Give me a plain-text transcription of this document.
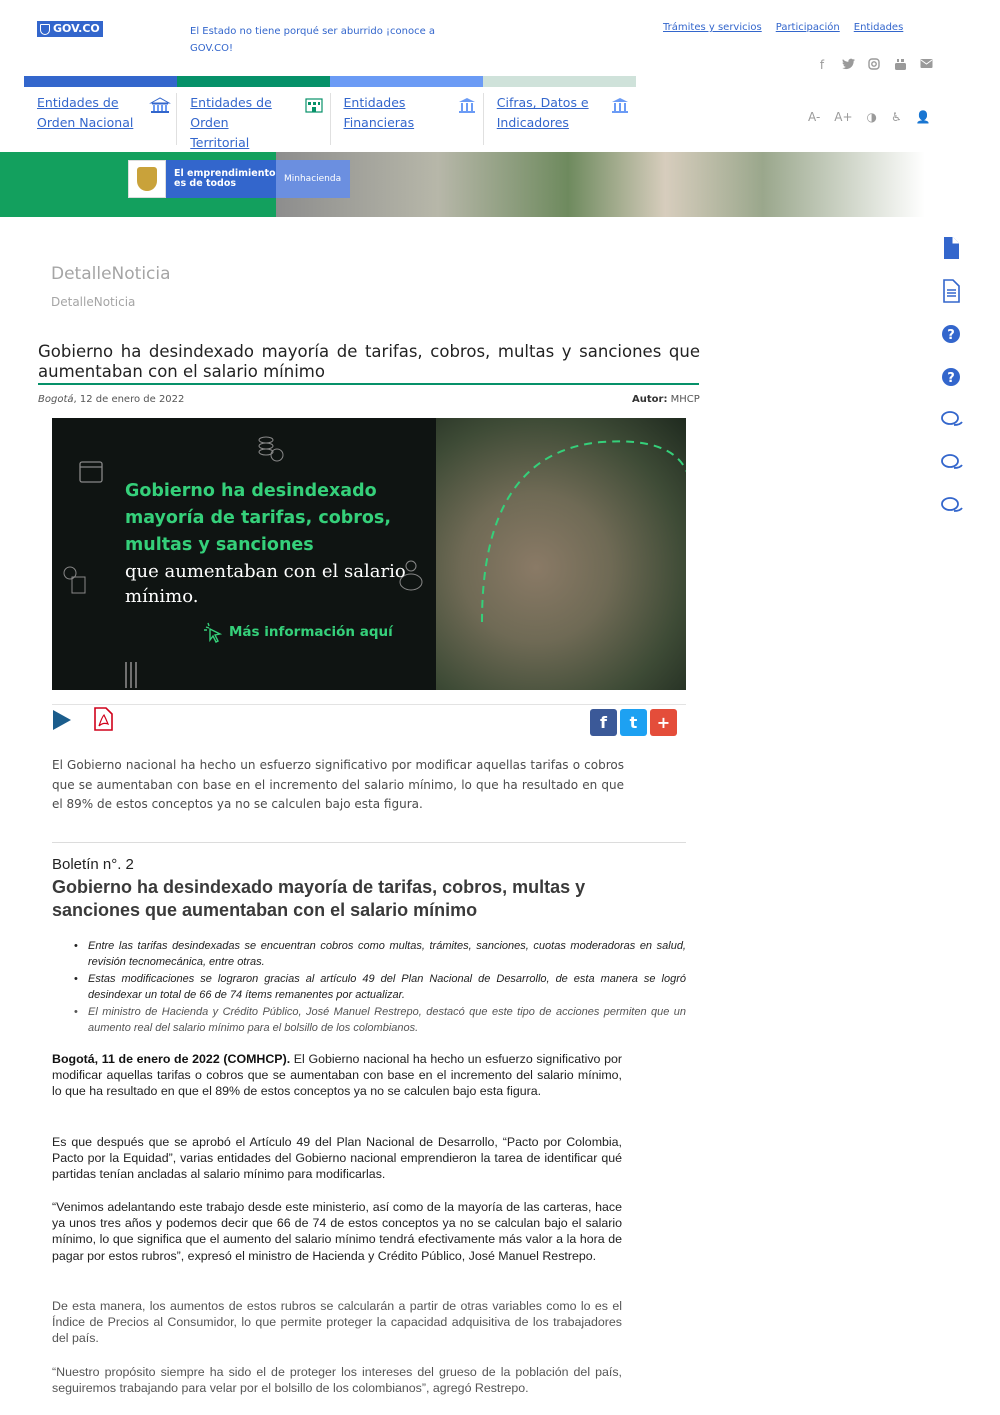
GOV.CO	El Estado no tiene porqué ser aburrido ¡conoce a GOV.CO!
Trámites y servicios Participación Entidades
f
Entidades de Orden Nacional
Entidades de Orden Territorial
Entidades Financieras
Cifras, Datos e Indicadores	A- A+ ◑ ♿ 👤
El emprendimiento es de todos	Minhacienda
?
?
DetalleNoticia
DetalleNoticia
Gobierno ha desindexado mayoría de tarifas, cobros, multas y sanciones que aumentaban con el salario mínimo
Bogotá, 12 de enero de 2022	Autor: MHCP
Gobierno ha desindexado mayoría de tarifas, cobros, multas y sanciones
que aumentaban con el salario mínimo.
Más información aquí
f	t	+
El Gobierno nacional ha hecho un esfuerzo significativo por modificar aquellas tarifas o cobros que se aumentaban con base en el incremento del salario mínimo, lo que ha resultado en que el 89% de estos conceptos ya no se calculen bajo esta figura.
Boletín n°. 2
Gobierno ha desindexado mayoría de tarifas, cobros, multas y sanciones que aumentaban con el salario mínimo
• Entre las tarifas desindexadas se encuentran cobros como multas, trámites, sanciones, cuotas moderadoras en salud, revisión tecnomecánica, entre otras.
• Estas modificaciones se lograron gracias al artículo 49 del Plan Nacional de Desarrollo, de esta manera se logró desindexar un total de 66 de 74 ítems remanentes por actualizar.
• El ministro de Hacienda y Crédito Público, José Manuel Restrepo, destacó que este tipo de acciones permiten que un aumento real del salario mínimo para el bolsillo de los colombianos.
Bogotá, 11 de enero de 2022 (COMHCP). El Gobierno nacional ha hecho un esfuerzo significativo por modificar aquellas tarifas o cobros que se aumentaban con base en el incremento del salario mínimo, lo que ha resultado en que el 89% de estos conceptos ya no se calculen bajo esta figura.
Es que después que se aprobó el Artículo 49 del Plan Nacional de Desarrollo, “Pacto por Colombia, Pacto por la Equidad”, varias entidades del Gobierno nacional emprendieron la tarea de identificar qué partidas tenían ancladas al salario mínimo para modificarlas.
“Venimos adelantando este trabajo desde este ministerio, así como de la mayoría de las carteras, hace ya unos tres años y podemos decir que 66 de 74 de estos conceptos ya no se calculan bajo el salario mínimo, lo que significa que el aumento del salario mínimo tendrá efectivamente más valor a la hora de pagar por estos rubros”, expresó el ministro de Hacienda y Crédito Público, José Manuel Restrepo.
De esta manera, los aumentos de estos rubros se calcularán a partir de otras variables como lo es el Índice de Precios al Consumidor, lo que permite proteger la capacidad adquisitiva de los trabajadores del país.
“Nuestro propósito siempre ha sido el de proteger los intereses del grueso de la población del país, seguiremos trabajando para velar por el bolsillo de los colombianos”, agregó Restrepo.
